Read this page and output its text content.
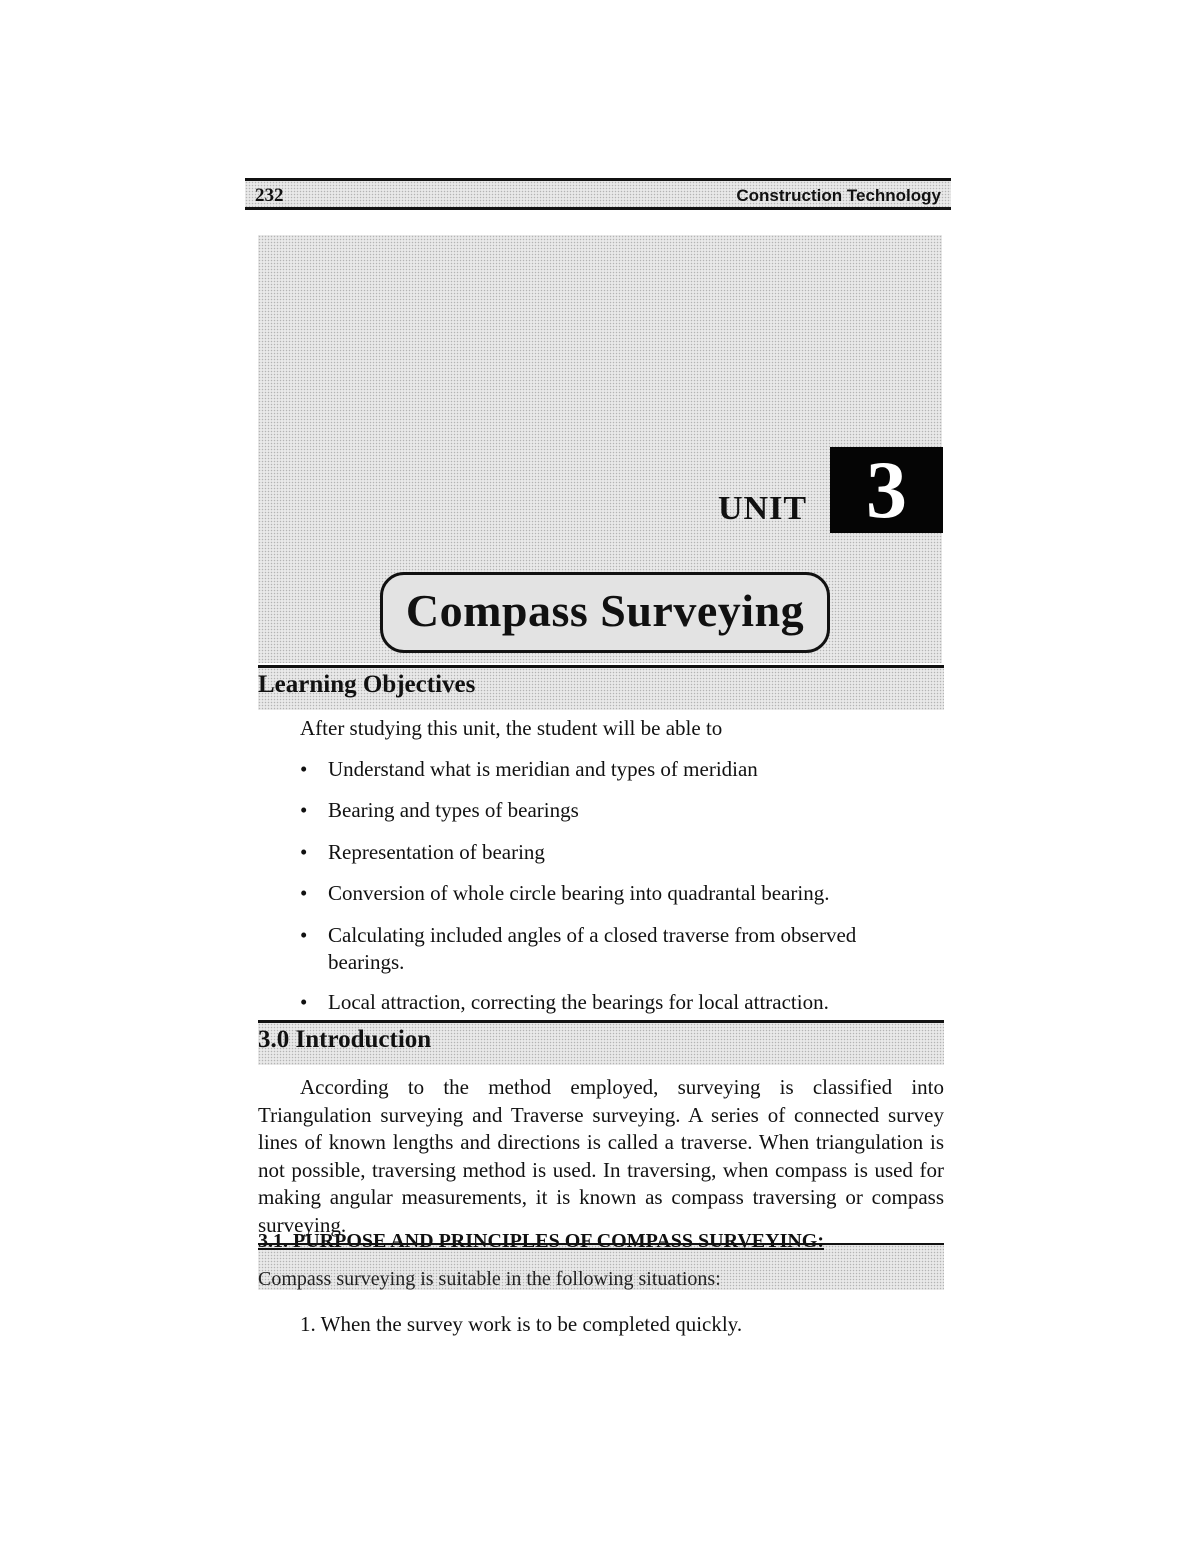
232	Construction Technology
UNIT 3
Compass Surveying
Learning Objectives
After studying this unit, the student will be able to
• Understand what is meridian and types of meridian
• Bearing and types of bearings
• Representation of bearing
• Conversion of whole circle bearing into quadrantal bearing.
• Calculating included angles of a closed traverse from observed bearings.
• Local attraction, correcting the bearings for local attraction.
3.0 Introduction

According to the method employed, surveying is classified into Triangulation surveying and Traverse surveying. A series of connected survey lines of known lengths and directions is called a traverse. When triangulation is not possible, traversing method is used. In traversing, when compass is used for making angular measurements, it is known as compass traversing or compass surveying.

3.1. PURPOSE AND PRINCIPLES OF COMPASS SURVEYING:
Compass surveying is suitable in the following situations:
1. When the survey work is to be completed quickly.
